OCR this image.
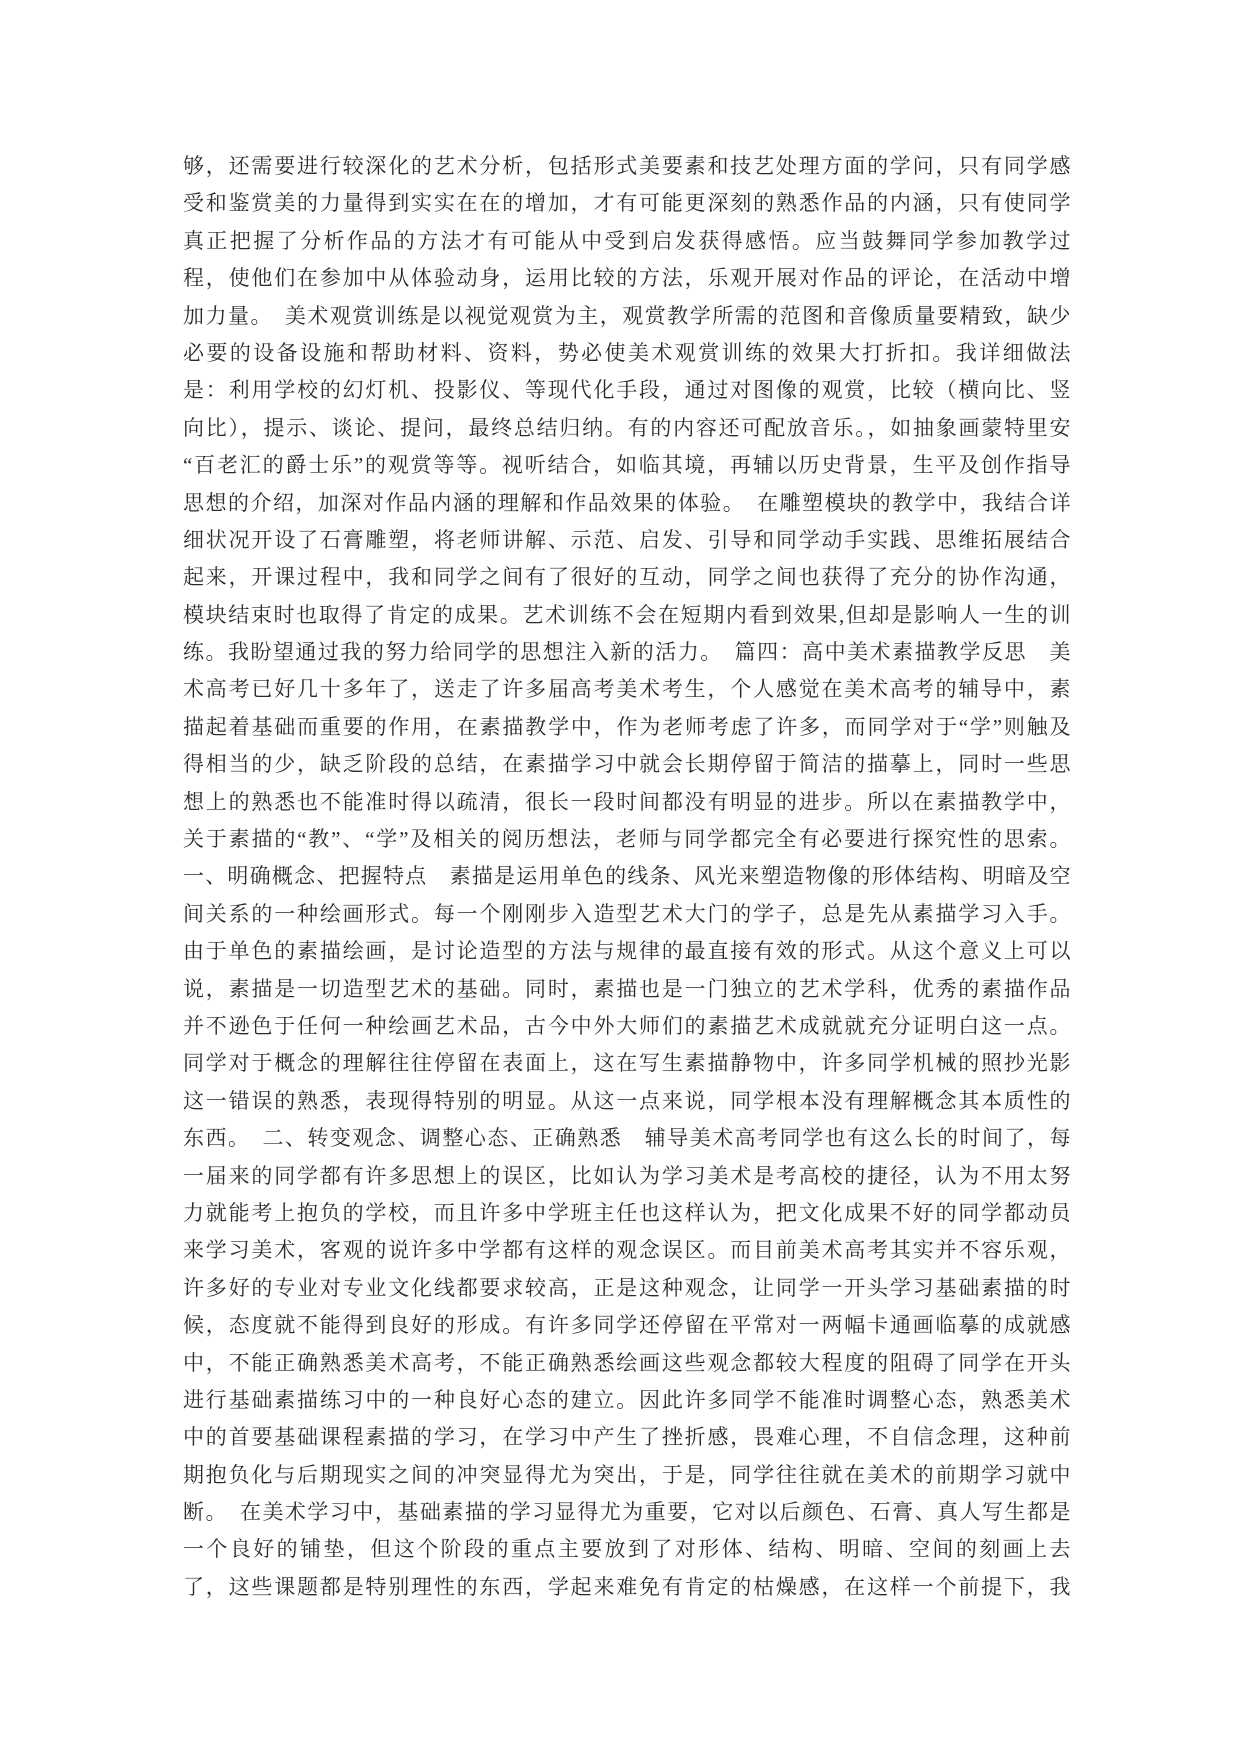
够，还需要进行较深化的艺术分析，包括形式美要素和技艺处理方面的学问，只有同学感
受和鉴赏美的力量得到实实在在的增加，才有可能更深刻的熟悉作品的内涵，只有使同学
真正把握了分析作品的方法才有可能从中受到启发获得感悟。应当鼓舞同学参加教学过
程，使他们在参加中从体验动身，运用比较的方法，乐观开展对作品的评论，在活动中增
加力量。　美术观赏训练是以视觉观赏为主，观赏教学所需的范图和音像质量要精致，缺少
必要的设备设施和帮助材料、资料，势必使美术观赏训练的效果大打折扣。我详细做法
是：利用学校的幻灯机、投影仪、等现代化手段，通过对图像的观赏，比较（横向比、竖
向比），提示、谈论、提问，最终总结归纳。有的内容还可配放音乐。，如抽象画蒙特里安
“百老汇的爵士乐”的观赏等等。视听结合，如临其境，再辅以历史背景，生平及创作指导
思想的介绍，加深对作品内涵的理解和作品效果的体验。　在雕塑模块的教学中，我结合详
细状况开设了石膏雕塑，将老师讲解、示范、启发、引导和同学动手实践、思维拓展结合
起来，开课过程中，我和同学之间有了很好的互动，同学之间也获得了充分的协作沟通，
模块结束时也取得了肯定的成果。艺术训练不会在短期内看到效果,但却是影响人一生的训
练。我盼望通过我的努力给同学的思想注入新的活力。　篇四：高中美术素描教学反思　美
术高考已好几十多年了，送走了许多届高考美术考生，个人感觉在美术高考的辅导中，素
描起着基础而重要的作用，在素描教学中，作为老师考虑了许多，而同学对于“学”则触及
得相当的少，缺乏阶段的总结，在素描学习中就会长期停留于简洁的描摹上，同时一些思
想上的熟悉也不能准时得以疏清，很长一段时间都没有明显的进步。所以在素描教学中，
关于素描的“教”、“学”及相关的阅历想法，老师与同学都完全有必要进行探究性的思索。
一、明确概念、把握特点　素描是运用单色的线条、风光来塑造物像的形体结构、明暗及空
间关系的一种绘画形式。每一个刚刚步入造型艺术大门的学子，总是先从素描学习入手。
由于单色的素描绘画，是讨论造型的方法与规律的最直接有效的形式。从这个意义上可以
说，素描是一切造型艺术的基础。同时，素描也是一门独立的艺术学科，优秀的素描作品
并不逊色于任何一种绘画艺术品，古今中外大师们的素描艺术成就就充分证明白这一点。
同学对于概念的理解往往停留在表面上，这在写生素描静物中，许多同学机械的照抄光影
这一错误的熟悉，表现得特别的明显。从这一点来说，同学根本没有理解概念其本质性的
东西。　二、转变观念、调整心态、正确熟悉　辅导美术高考同学也有这么长的时间了，每
一届来的同学都有许多思想上的误区，比如认为学习美术是考高校的捷径，认为不用太努
力就能考上抱负的学校，而且许多中学班主任也这样认为，把文化成果不好的同学都动员
来学习美术，客观的说许多中学都有这样的观念误区。而目前美术高考其实并不容乐观，
许多好的专业对专业文化线都要求较高，正是这种观念，让同学一开头学习基础素描的时
候，态度就不能得到良好的形成。有许多同学还停留在平常对一两幅卡通画临摹的成就感
中，不能正确熟悉美术高考，不能正确熟悉绘画这些观念都较大程度的阻碍了同学在开头
进行基础素描练习中的一种良好心态的建立。因此许多同学不能准时调整心态，熟悉美术
中的首要基础课程素描的学习，在学习中产生了挫折感，畏难心理，不自信念理，这种前
期抱负化与后期现实之间的冲突显得尤为突出，于是，同学往往就在美术的前期学习就中
断。　在美术学习中，基础素描的学习显得尤为重要，它对以后颜色、石膏、真人写生都是
一个良好的铺垫，但这个阶段的重点主要放到了对形体、结构、明暗、空间的刻画上去
了，这些课题都是特别理性的东西，学起来难免有肯定的枯燥感，在这样一个前提下，我
